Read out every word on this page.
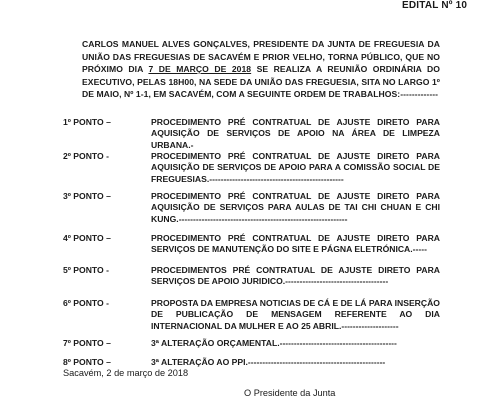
EDITAL Nº 10
CARLOS MANUEL ALVES GONÇALVES, PRESIDENTE DA JUNTA DE FREGUESIA DA UNIÃO DAS FREGUESIAS DE SACAVÉM E PRIOR VELHO, TORNA PÚBLICO, QUE NO PRÓXIMO DIA 7 DE MARÇO DE 2018 SE REALIZA A REUNIÃO ORDINÁRIA DO EXECUTIVO, PELAS 18H00, NA SEDE DA UNIÃO DAS FREGUESIA, SITA NO LARGO 1º DE MAIO, Nº 1-1, EM SACAVÉM, COM A SEGUINTE ORDEM DE TRABALHOS:-------------
1º PONTO –	PROCEDIMENTO PRÉ CONTRATUAL DE AJUSTE DIRETO PARA AQUISIÇÃO DE SERVIÇOS DE APOIO NA ÁREA DE LIMPEZA URBANA.-
2º PONTO -	PROCEDIMENTO PRÉ CONTRATUAL DE AJUSTE DIRETO PARA AQUISIÇÃO DE SERVIÇOS DE APOIO PARA A COMISSÃO SOCIAL DE FREGUESIAS.-----------------------------------------------
3º PONTO –	PROCEDIMENTO PRÉ CONTRATUAL DE AJUSTE DIRETO PARA AQUISIÇÃO DE SERVIÇOS PARA AULAS DE TAI CHI CHUAN E CHI KUNG.-----------------------------------------------------------
4º PONTO –	PROCEDIMENTO PRÉ CONTRATUAL DE AJUSTE DIRETO PARA SERVIÇOS DE MANUTENÇÃO DO SITE E PÁGNA ELETRÓNICA.-----
5º PONTO -	PROCEDIMENTOS PRÉ CONTRATUAL DE AJUSTE DIRETO PARA SERVIÇOS DE APOIO JURIDICO.------------------------------------
6º PONTO -	PROPOSTA DA EMPRESA NOTICIAS DE CÁ E DE LÁ PARA INSERÇÃO DE PUBLICAÇÃO DE MENSAGEM REFERENTE AO DIA INTERNACIONAL DA MULHER E AO 25 ABRIL.--------------------
7º PONTO –	3ª ALTERAÇÃO ORÇAMENTAL.-----------------------------------------
8º PONTO –	3ª ALTERAÇÃO AO PPI.------------------------------------------------
Sacavém, 2 de março de 2018
O Presidente da Junta
